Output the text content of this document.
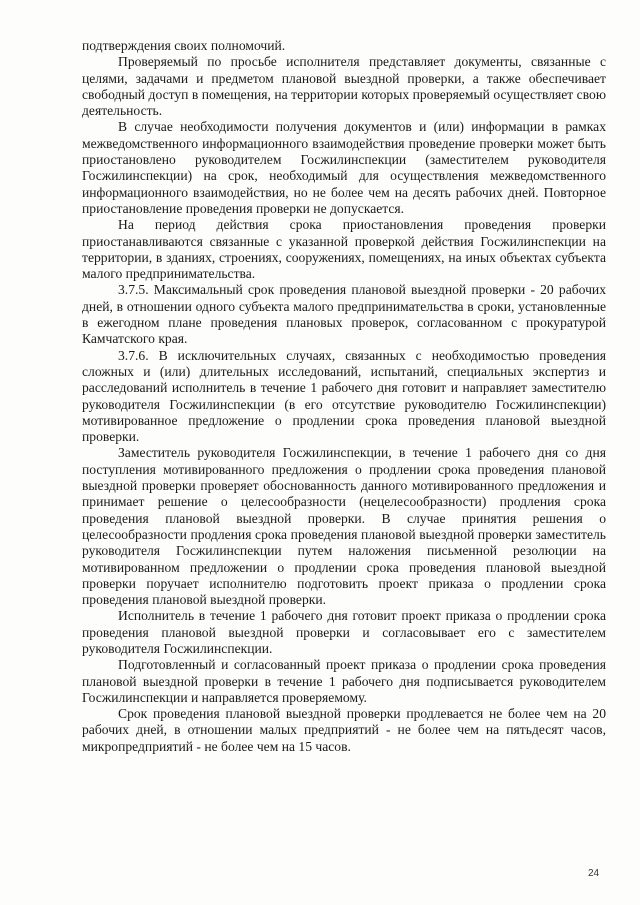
подтверждения своих полномочий.

Проверяемый по просьбе исполнителя представляет документы, связанные с целями, задачами и предметом плановой выездной проверки, а также обеспечивает свободный доступ в помещения, на территории которых проверяемый осуществляет свою деятельность.

В случае необходимости получения документов и (или) информации в рамках межведомственного информационного взаимодействия проведение проверки может быть приостановлено руководителем Госжилинспекции (заместителем руководителя Госжилинспекции) на срок, необходимый для осуществления межведомственного информационного взаимодействия, но не более чем на десять рабочих дней. Повторное приостановление проведения проверки не допускается.

На период действия срока приостановления проведения проверки приостанавливаются связанные с указанной проверкой действия Госжилинспекции на территории, в зданиях, строениях, сооружениях, помещениях, на иных объектах субъекта малого предпринимательства.

3.7.5. Максимальный срок проведения плановой выездной проверки - 20 рабочих дней, в отношении одного субъекта малого предпринимательства в сроки, установленные в ежегодном плане проведения плановых проверок, согласованном с прокуратурой Камчатского края.

3.7.6. В исключительных случаях, связанных с необходимостью проведения сложных и (или) длительных исследований, испытаний, специальных экспертиз и расследований исполнитель в течение 1 рабочего дня готовит и направляет заместителю руководителя Госжилинспекции (в его отсутствие руководителю Госжилинспекции) мотивированное предложение о продлении срока проведения плановой выездной проверки.

Заместитель руководителя Госжилинспекции, в течение 1 рабочего дня со дня поступления мотивированного предложения о продлении срока проведения плановой выездной проверки проверяет обоснованность данного мотивированного предложения и принимает решение о целесообразности (нецелесообразности) продления срока проведения плановой выездной проверки. В случае принятия решения о целесообразности продления срока проведения плановой выездной проверки заместитель руководителя Госжилинспекции путем наложения письменной резолюции на мотивированном предложении о продлении срока проведения плановой выездной проверки поручает исполнителю подготовить проект приказа о продлении срока проведения плановой выездной проверки.

Исполнитель в течение 1 рабочего дня готовит проект приказа о продлении срока проведения плановой выездной проверки и согласовывает его с заместителем руководителя Госжилинспекции.

Подготовленный и согласованный проект приказа о продлении срока проведения плановой выездной проверки в течение 1 рабочего дня подписывается руководителем Госжилинспекции и направляется проверяемому.

Срок проведения плановой выездной проверки продлевается не более чем на 20 рабочих дней, в отношении малых предприятий - не более чем на пятьдесят часов, микропредприятий - не более чем на 15 часов.

24
